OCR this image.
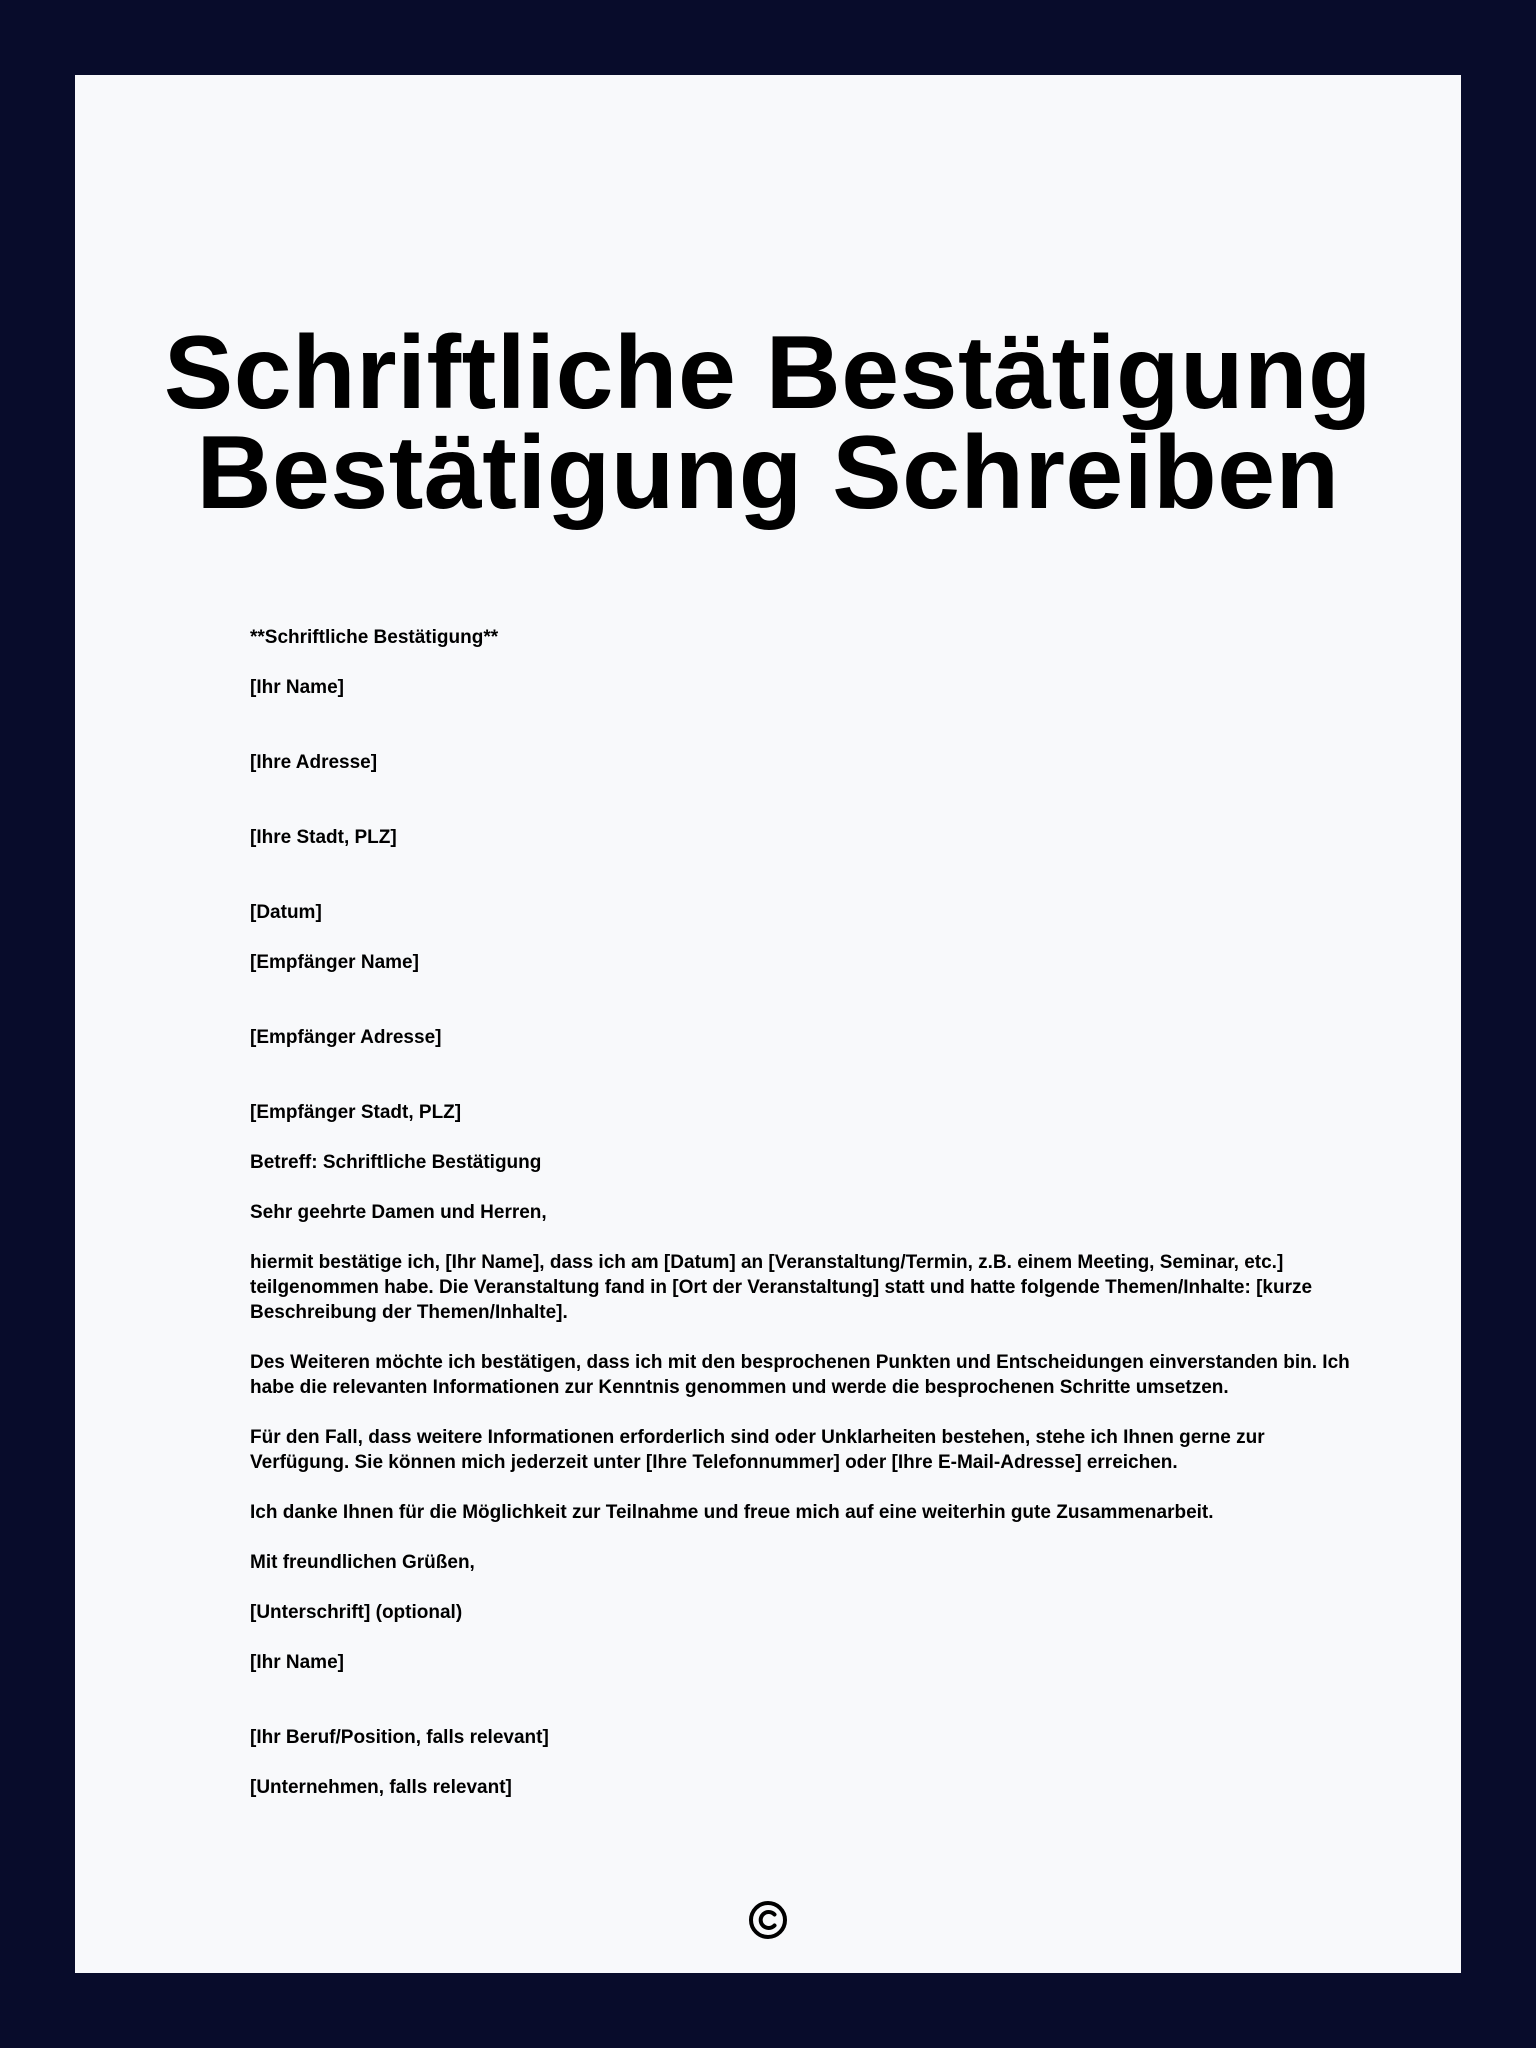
Schriftliche Bestätigung
Bestätigung Schreiben

**Schriftliche Bestätigung**

[Ihr Name]

[Ihre Adresse]

[Ihre Stadt, PLZ]

[Datum]

[Empfänger Name]

[Empfänger Adresse]

[Empfänger Stadt, PLZ]

Betreff: Schriftliche Bestätigung

Sehr geehrte Damen und Herren,

hiermit bestätige ich, [Ihr Name], dass ich am [Datum] an [Veranstaltung/Termin, z.B. einem Meeting, Seminar, etc.] teilgenommen habe. Die Veranstaltung fand in [Ort der Veranstaltung] statt und hatte folgende Themen/Inhalte: [kurze Beschreibung der Themen/Inhalte].

Des Weiteren möchte ich bestätigen, dass ich mit den besprochenen Punkten und Entscheidungen einverstanden bin. Ich habe die relevanten Informationen zur Kenntnis genommen und werde die besprochenen Schritte umsetzen.

Für den Fall, dass weitere Informationen erforderlich sind oder Unklarheiten bestehen, stehe ich Ihnen gerne zur Verfügung. Sie können mich jederzeit unter [Ihre Telefonnummer] oder [Ihre E-Mail-Adresse] erreichen.

Ich danke Ihnen für die Möglichkeit zur Teilnahme und freue mich auf eine weiterhin gute Zusammenarbeit.

Mit freundlichen Grüßen,

[Unterschrift] (optional)

[Ihr Name]

[Ihr Beruf/Position, falls relevant]

[Unternehmen, falls relevant]
